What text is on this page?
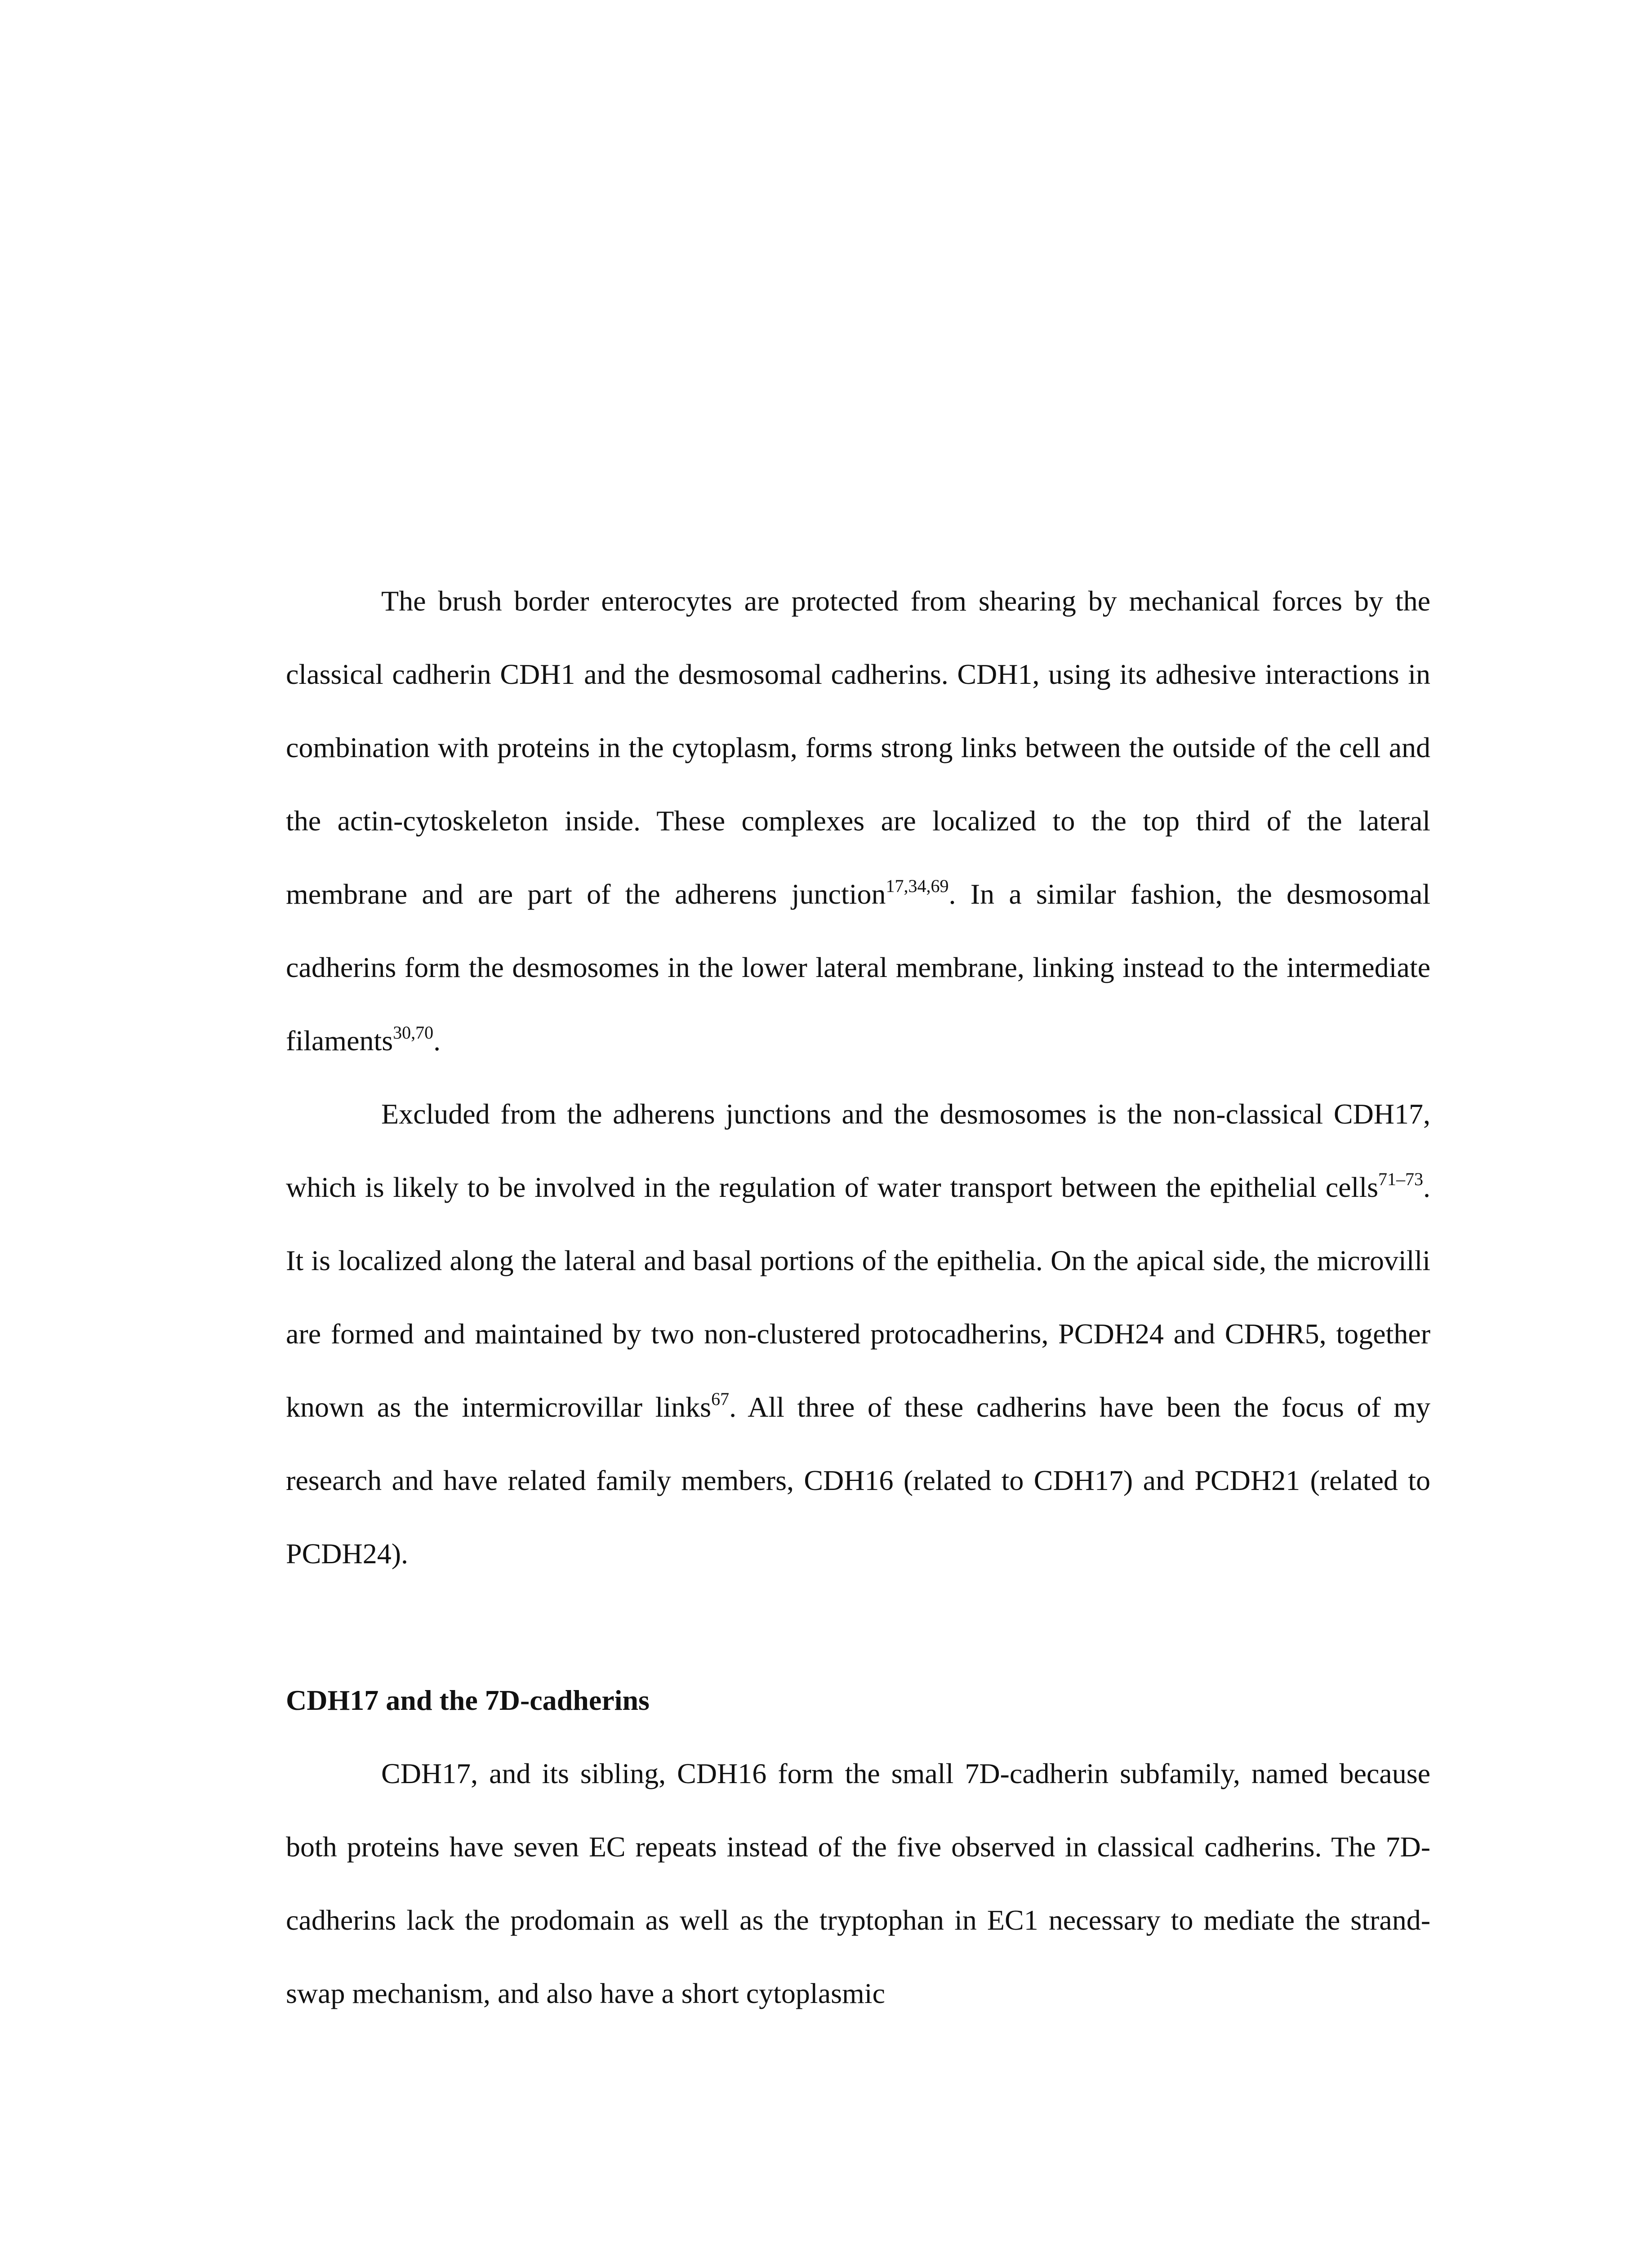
The brush border enterocytes are protected from shearing by mechanical forces by the classical cadherin CDH1 and the desmosomal cadherins. CDH1, using its adhesive interactions in combination with proteins in the cytoplasm, forms strong links between the outside of the cell and the actin-cytoskeleton inside. These complexes are localized to the top third of the lateral membrane and are part of the adherens junction$^{17,34,69}$. In a similar fashion, the desmosomal cadherins form the desmosomes in the lower lateral membrane, linking instead to the intermediate filaments$^{30,70}$.

Excluded from the adherens junctions and the desmosomes is the non-classical CDH17, which is likely to be involved in the regulation of water transport between the epithelial cells$^{71-73}$. It is localized along the lateral and basal portions of the epithelia. On the apical side, the microvilli are formed and maintained by two non-clustered protocadherins, PCDH24 and CDHR5, together known as the intermicrovillar links$^{67}$. All three of these cadherins have been the focus of my research and have related family members, CDH16 (related to CDH17) and PCDH21 (related to PCDH24).

CDH17 and the 7D-cadherins

CDH17, and its sibling, CDH16 form the small 7D-cadherin subfamily, named because both proteins have seven EC repeats instead of the five observed in classical cadherins. The 7D-cadherins lack the prodomain as well as the tryptophan in EC1 necessary to mediate the strand-swap mechanism, and also have a short cytoplasmic
